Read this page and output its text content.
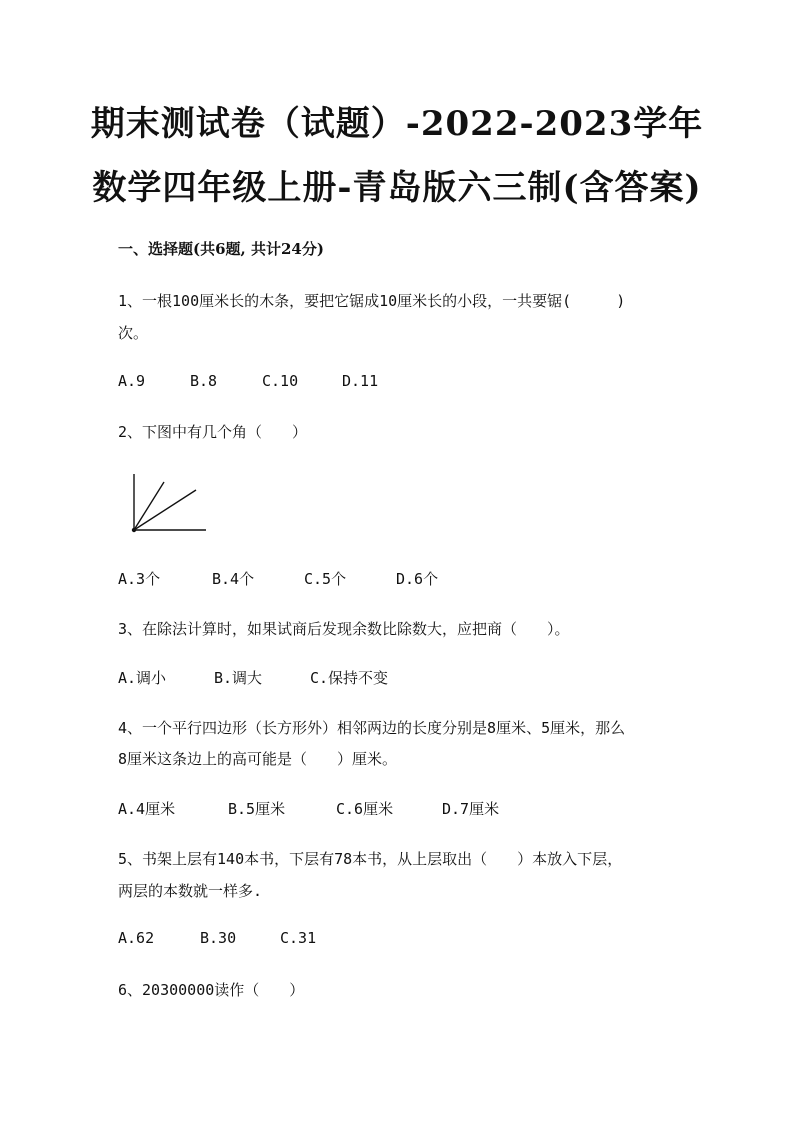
期末测试卷（试题）-2022-2023学年
数学四年级上册-青岛版六三制(含答案)
一、选择题(共6题, 共计24分)
1、一根100厘米长的木条，要把它锯成10厘米长的小段，一共要锯(　　　)
次。
A.9	B.8	C.10	D.11
2、下图中有几个角（　　）
A.3个	B.4个	C.5个	D.6个
3、在除法计算时，如果试商后发现余数比除数大，应把商（　　）。
A.调小	B.调大	C.保持不变
4、一个平行四边形（长方形外）相邻两边的长度分别是8厘米、5厘米，那么
8厘米这条边上的高可能是（　　）厘米。
A.4厘米	B.5厘米	C.6厘米	D.7厘米
5、书架上层有140本书，下层有78本书，从上层取出（　　）本放入下层，
两层的本数就一样多.
A.62	B.30	C.31
6、20300000读作（　　）
